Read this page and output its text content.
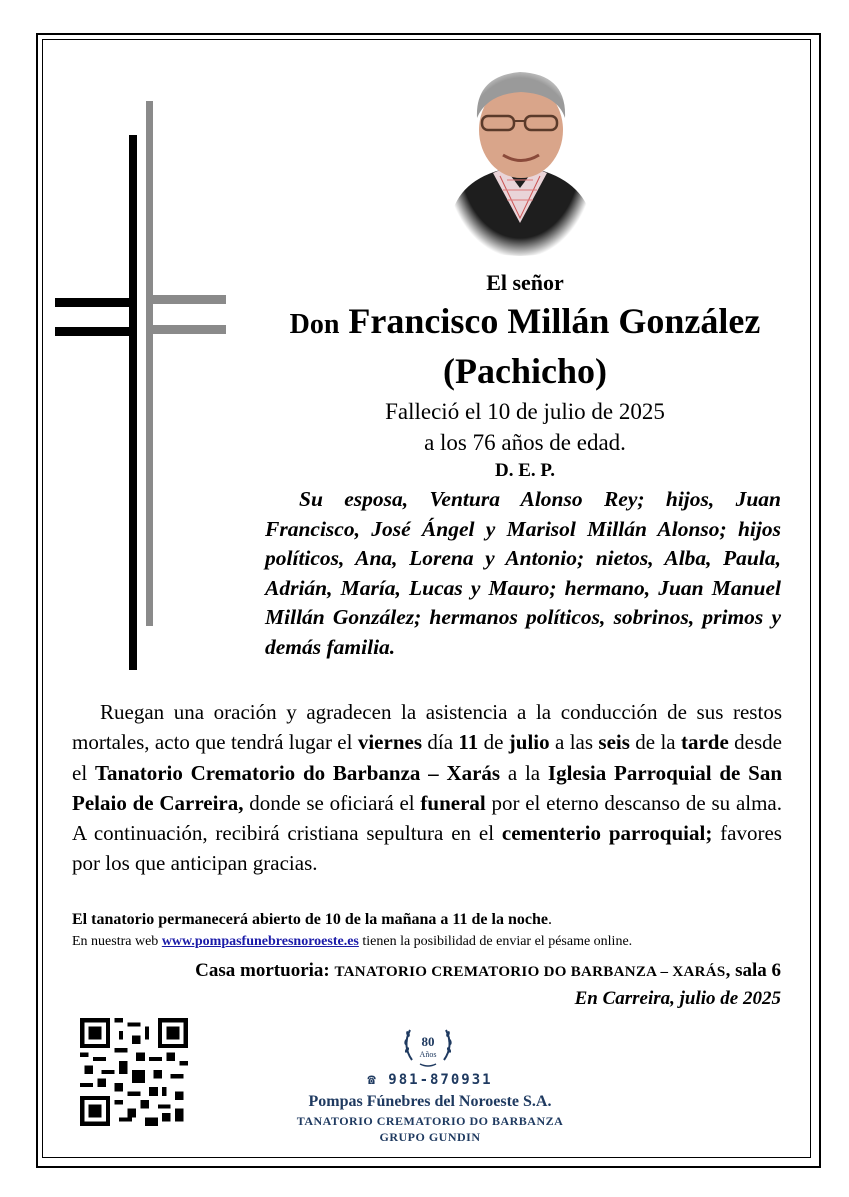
El señor
Don Francisco Millán González
(Pachicho)
Falleció el 10 de julio de 2025
a los 76 años de edad.
D. E. P.
Su esposa, Ventura Alonso Rey; hijos, Juan Francisco, José Ángel y Marisol Millán Alonso; hijos políticos, Ana, Lorena y Antonio; nietos, Alba, Paula, Adrián, María, Lucas y Mauro; hermano, Juan Manuel Millán González; hermanos políticos, sobrinos, primos y demás familia.
Ruegan una oración y agradecen la asistencia a la conducción de sus restos mortales, acto que tendrá lugar el viernes día 11 de julio a las seis de la tarde desde el Tanatorio Crematorio do Barbanza – Xarás a la Iglesia Parroquial de San Pelaio de Carreira, donde se oficiará el funeral por el eterno descanso de su alma. A continuación, recibirá cristiana sepultura en el cementerio parroquial; favores por los que anticipan gracias.
El tanatorio permanecerá abierto de 10 de la mañana a 11 de la noche.
En nuestra web www.pompasfunebresnoroeste.es tienen la posibilidad de enviar el pésame online.
Casa mortuoria: TANATORIO CREMATORIO DO BARBANZA – XARÁS, sala 6
En Carreira, julio de 2025
80
Años
☎ 981-870931
Pompas Fúnebres del Noroeste S.A.
TANATORIO CREMATORIO DO BARBANZA
GRUPO GUNDIN
